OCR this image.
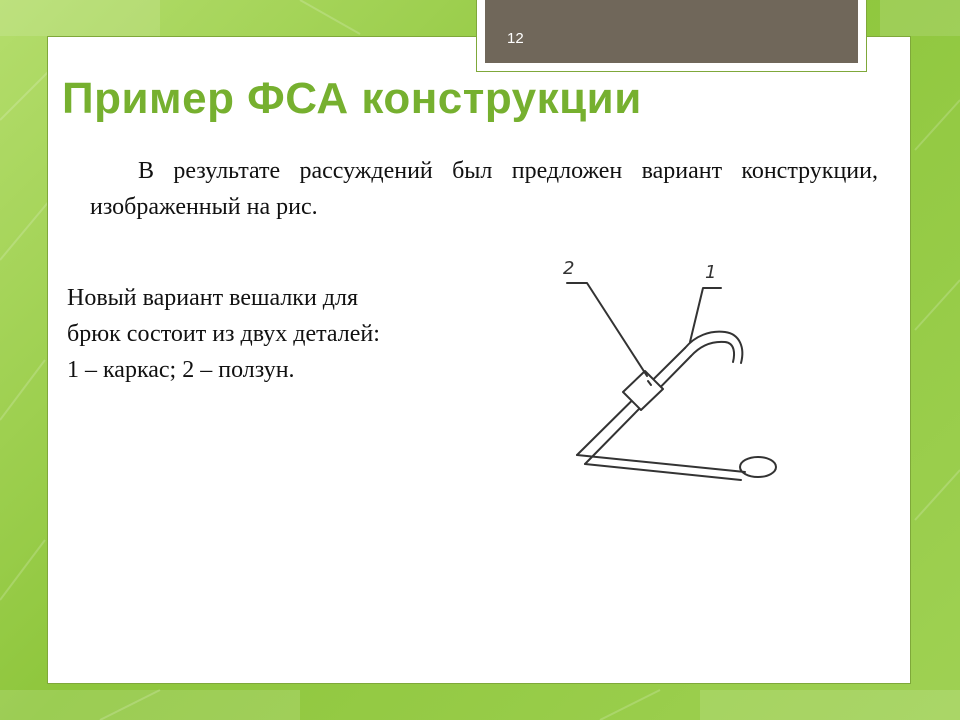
12
Пример ФСА конструкции
В результате рассуждений был предложен вариант конструкции, изображенный на рис.
Новый вариант вешалки для
брюк состоит из двух деталей:
1 – каркас; 2 – ползун.
2	1
